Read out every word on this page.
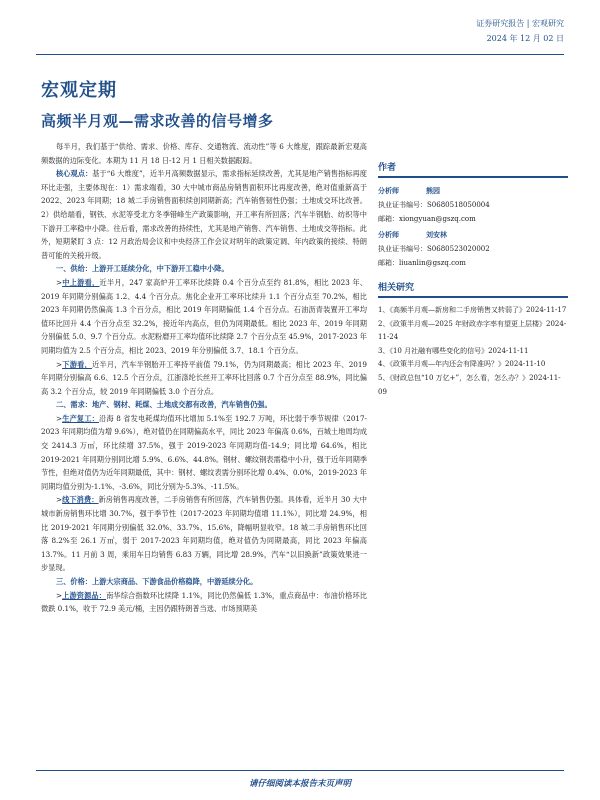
证券研究报告 | 宏观研究
2024 年 12 月 02 日
宏观定期
高频半月观—需求改善的信号增多

每半月，我们基于“供给、需求、价格、库存、交通物流、流动性”等 6 大维度，跟踪最新宏观高频数据的边际变化。本期为 11 月 18 日-12 月 1 日相关数据跟踪。

核心观点：基于“6 大维度”，近半月高频数据显示，需求指标延续改善，尤其是地产销售指标再度环比走强，主要体现在：1）需求端看，30 大中城市商品房销售面积环比再度改善，绝对值重新高于 2022、2023 年同期；18 城二手房销售面积续创同期新高；汽车销售韧性仍强；土地成交环比改善。2）供给端看，钢铁、水泥等受北方冬季错峰生产政策影响，开工率有所回落；汽车半钢胎、纺织等中下游开工率稳中小降。往后看，需求改善的持续性，尤其是地产销售、汽车销售、土地成交等指标。此外，短期紧盯 3 点：12 月政治局会议和中央经济工作会议对明年的政策定调、年内政策的接续、特朗普可能的关税升级。

一、供给：上游开工延续分化，中下游开工稳中小降。

>中上游看，近半月，247 家高炉开工率环比续降 0.4 个百分点至约 81.8%，相比 2023 年、2019 年同期分别偏高 1.2、4.4 个百分点。焦化企业开工率环比续升 1.1 个百分点至 70.2%，相比 2023 年同期仍然偏高 1.3 个百分点，相比 2019 年同期偏低 1.4 个百分点。石油沥青装置开工率均值环比回升 4.4 个百分点至 32.2%，接近年内高点，但仍为同期最低。相比 2023 年、2019 年同期分别偏低 5.0、9.7 个百分点。水泥粉磨开工率均值环比续降 2.7 个百分点至 45.9%，2017-2023 年同期均值为 2.5 个百分点，相比 2023、2019 年分别偏低 3.7、18.1 个百分点。

>下游看，近半月，汽车半钢胎开工率持平前值 79.1%，仍为同期最高；相比 2023 年、2019 年同期分别偏高 6.6、12.5 个百分点，江浙涤纶长丝开工率环比回落 0.7 个百分点至 88.9%，同比偏高 3.2 个百分点，较 2019 年同期偏低 3.0 个百分点。

二、需求：地产、钢材、耗煤、土地成交都有改善，汽车销售仍强。

>生产复工：沿海 8 省发电耗煤均值环比增加 5.1%至 192.7 万吨，环比弱于季节规律（2017-2023 年同期均值为增 9.6%），绝对值仍在同期偏高水平，同比 2023 年偏高 0.6%，百城土地周均成交 2414.3 万㎡，环比续增 37.5%，强于 2019-2023 年同期均值-14.9；同比增 64.6%，相比 2019-2021 年同期分别同比增 5.9%、6.6%、44.8%。钢材、螺纹钢表需稳中小升，强于近年同期季节性，但绝对值仍为近年同期最低，其中：钢材、螺纹表需分别环比增 0.4%、0.0%，2019-2023 年同期均值分别为-1.1%、-3.6%，同比分别为-5.3%、-11.5%。

>线下消费：新房销售再度改善，二手房销售有所回落，汽车销售仍强。具体看，近半月 30 大中城市新房销售环比增 30.7%，强于季节性（2017-2023 年同期均值增 11.1%），同比增 24.9%，相比 2019-2021 年同期分别偏低 32.0%、33.7%、15.6%，降幅明显收窄。18 城二手房销售环比回落 8.2%至 26.1 万㎡，弱于 2017-2023 年同期均值，绝对值仍为同期最高，同比 2023 年偏高 13.7%。11 月前 3 周，乘用车日均销售 6.83 万辆，同比增 28.9%，汽车“以旧换新”政策效果进一步显现。

三、价格：上游大宗商品、下游食品价格稳降，中游延续分化。

>上游资源品：南华综合指数环比续降 1.1%，同比仍然偏低 1.3%，重点商品中：布油价格环比微跌 0.1%，收于 72.9 美元/桶，主因仍跟特朗普当选、市场预期美

作者
分析师	熊园
执业证书编号：S0680518050004
邮箱：xiongyuan@gszq.com
分析师	刘安林
执业证书编号：S0680523020002
邮箱：liuanlin@gszq.com
相关研究
1、《高频半月观—新房和二手房销售又转弱了》2024-11-17
2、《政策半月观—2025 年财政赤字率有望更上层楼》2024-11-24
3、《10 月社融有哪些变化的信号》2024-11-11
4、《政策半月观—年内还会有降准吗？》2024-11-10
5、《财政总包“10 万亿+”，怎么看，怎么办？》2024-11-09
请仔细阅读本报告末页声明
